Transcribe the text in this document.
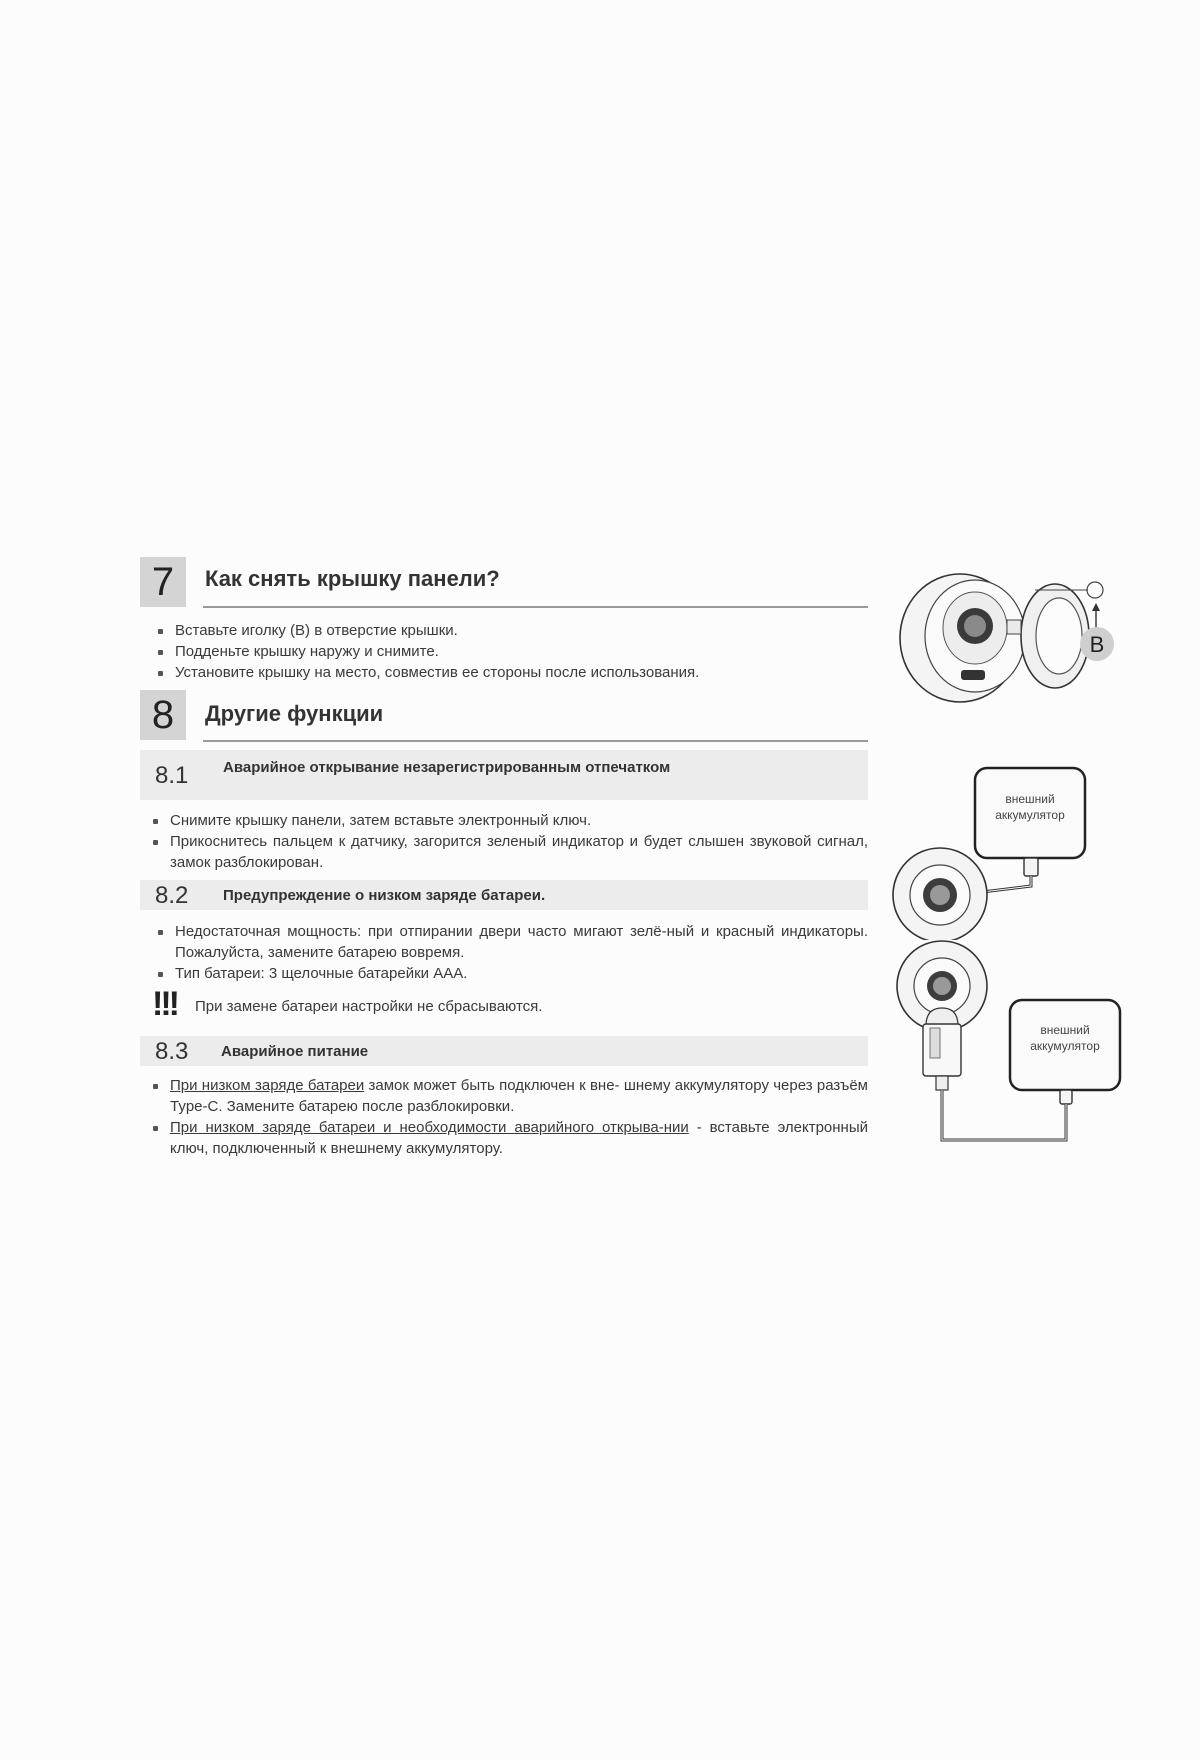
7	Как снять крышку панели?
Вставьте иголку (B) в отверстие крышки.
Подденьте крышку наружу и снимите.
Установите крышку на место, совместив ее стороны после использования.
B
8	Другие функции
8.1 Аварийное открывание незарегистрированным отпечатком
Снимите крышку панели, затем вставьте электронный ключ.
Прикоснитесь пальцем к датчику, загорится зеленый индикатор и будет слышен звуковой сигнал, замок разблокирован.
8.2 Предупреждение о низком заряде батареи.
Недостаточная мощность: при отпирании двери часто мигают зелё-ный и красный индикаторы. Пожалуйста, замените батарею вовремя.
Тип батареи: 3 щелочные батарейки AAA.
!!! При замене батареи настройки не сбрасываются.
8.3 Аварийное питание
При низком заряде батареи замок может быть подключен к вне- шнему аккумулятору через разъём Type-C. Замените батарею после разблокировки.
При низком заряде батареи и необходимости аварийного открыва-нии - вставьте электронный ключ, подключенный к внешнему аккумулятору.
внешний
аккумулятор
внешний
аккумулятор
